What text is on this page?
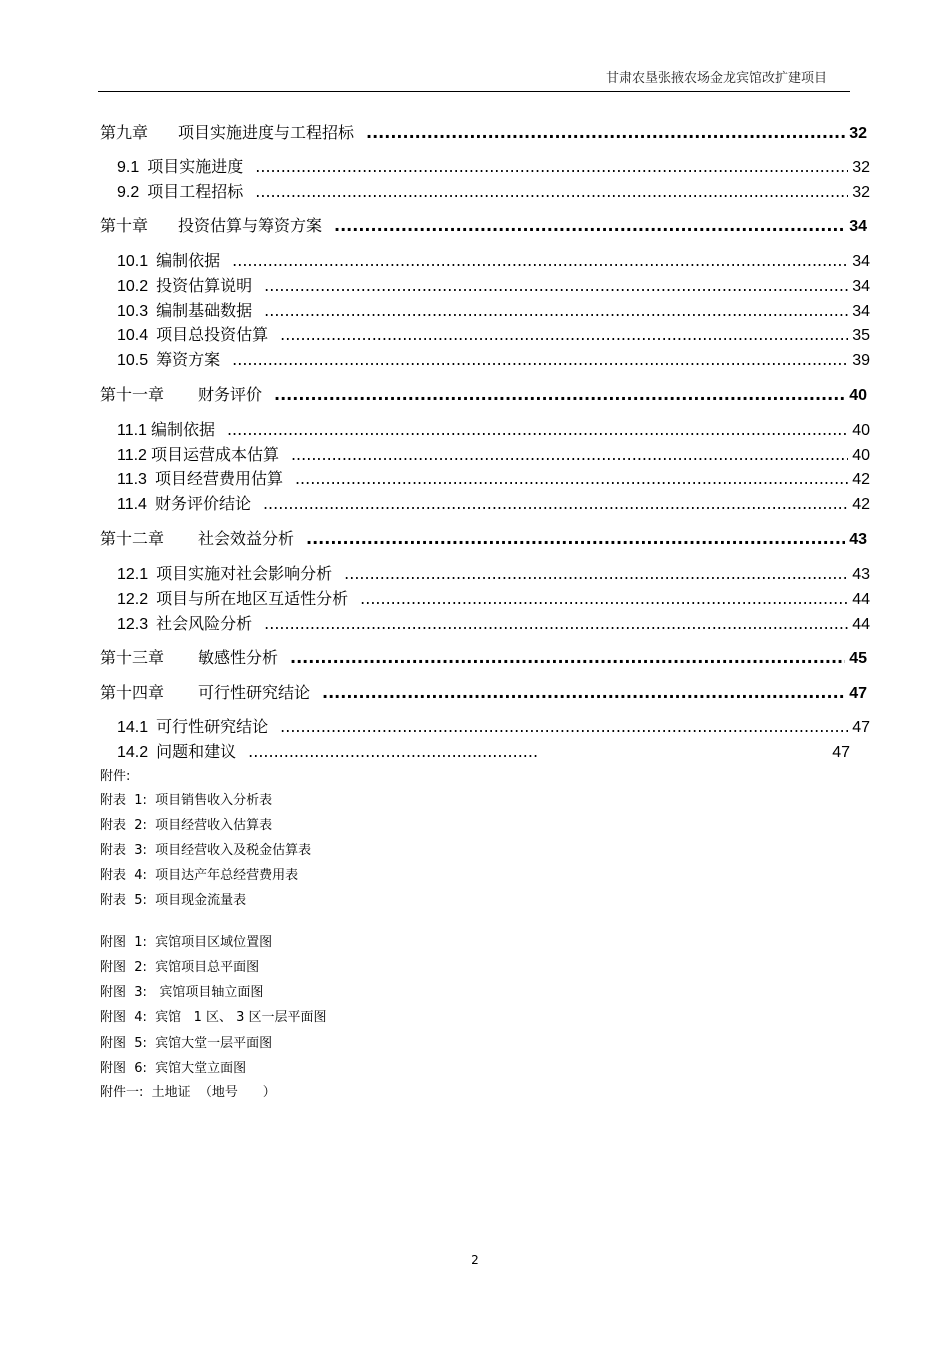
甘肃农垦张掖农场金龙宾馆改扩建项目
第九章	项目实施进度与工程招标 .....	32
9.1 项目实施进度 .....	32
9.2 项目工程招标 .....	32
第十章	投资估算与筹资方案 .....	34
10.1 编制依据 .....	34
10.2 投资估算说明 .....	34
10.3 编制基础数据 .....	34
10.4 项目总投资估算 .....	35
10.5 筹资方案 .....	39
第十一章	财务评价 .....	40
11.1 编制依据 .....	40
11.2 项目运营成本估算 .....	40
11.3 项目经营费用估算 .....	42
11.4 财务评价结论 .....	42
第十二章	社会效益分析 .....	43
12.1 项目实施对社会影响分析 .....	43
12.2 项目与所在地区互适性分析 .....	44
12.3 社会风险分析 .....	44
第十三章	敏感性分析 .....	45
第十四章	可行性研究结论 .....	47
14.1 可行性研究结论 .....	47
14.2 问题和建议 .....	47
附件:
附表  1:  项目销售收入分析表
附表  2:  项目经营收入估算表
附表  3:  项目经营收入及税金估算表
附表  4:  项目达产年总经营费用表
附表  5:  项目现金流量表
附图  1:  宾馆项目区域位置图
附图  2:  宾馆项目总平面图
附图  3:   宾馆项目轴立面图
附图  4:  宾馆   1 区、 3 区一层平面图
附图  5:  宾馆大堂一层平面图
附图  6:  宾馆大堂立面图
附件一:  土地证  （地号      ）
2
